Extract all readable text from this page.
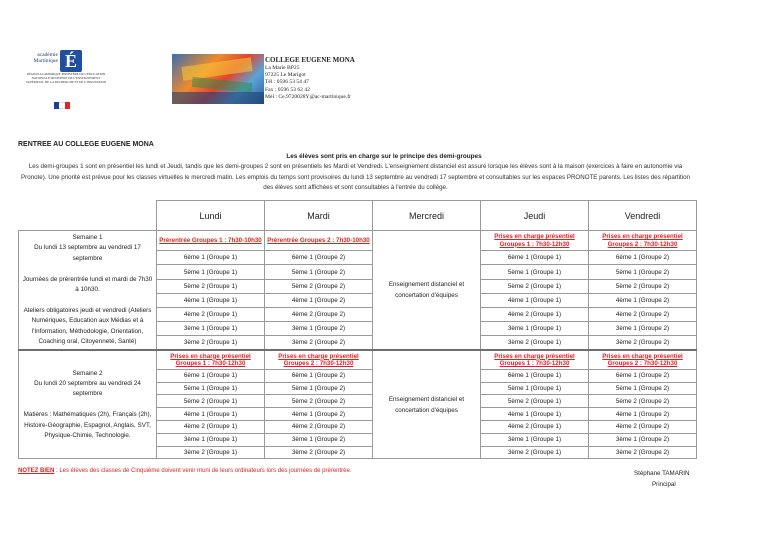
académie Martinique É
RÉGION ACADÉMIQUE MINISTÈRE DE L'ÉDUCATION NATIONALE MINISTÈRE DE L'ENSEIGNEMENT SUPÉRIEUR, DE LA RECHERCHE ET DE L'INNOVATION
COLLEGE EUGENE MONA
La Marie BP25
97225 Le Marigot
Tél : 0596 53 54 47
Fax : 0596 53 62 42
Mél : Ce.9720028Y@ac-martinique.fr
RENTREE AU COLLEGE EUGENE MONA
Les élèves sont pris en charge sur le principe des demi-groupes
Les demi-groupes 1 sont en présentiel les lundi et Jeudi, tandis que les demi-groupes 2 sont en présentiels les Mardi et Vendredi. L'enseignement distanciel est assuré lorsque les élèves sont à la maison (exercices à faire en autonomie via Pronote). Une priorité est prévue pour les classes virtuelles le mercredi matin. Les emplois du temps sont provisoires du lundi 13 septembre au vendredi 17 septembre et consultables sur les espaces PRONOTE parents. Les listes des répartition des élèves sont affichées et sont consultables à l'entrée du collège.
	Lundi	Mardi	Mercredi	Jeudi	Vendredi
Semaine 1
Du lundi 13 septembre au vendredi 17 septembre

Journées de prérentrée lundi et mardi de 7h30 à 10h30.

Ateliers obligatoires jeudi et vendredi (Ateliers Numériques, Education aux Médias et à l'Information, Méthodologie, Orientation, Coaching oral, Citoyenneté, Santé)	Prérentrée Groupes 1 : 7h30-10h30	Prérentrée Groupes 2 : 7h30-10h30	Enseignement distanciel et concertation d'équipes	Prises en charge présentiel Groupes 1 : 7h30-12h30	Prises en charge présentiel Groupes 2 : 7h30-12h30
	6ème 1 (Groupe 1)	6ème 1 (Groupe 2)		6ème 1 (Groupe 1)	6ème 1 (Groupe 2)
	5ème 1 (Groupe 1)	5ème 1 (Groupe 2)		5ème 1 (Groupe 1)	5ème 1 (Groupe 2)
	5ème 2 (Groupe 1)	5ème 2 (Groupe 2)		5ème 2 (Groupe 1)	5ème 2 (Groupe 2)
	4ème 1 (Groupe 1)	4ème 1 (Groupe 2)		4ème 1 (Groupe 1)	4ème 1 (Groupe 2)
	4ème 2 (Groupe 1)	4ème 2 (Groupe 2)		4ème 2 (Groupe 1)	4ème 2 (Groupe 2)
	3ème 1 (Groupe 1)	3ème 1 (Groupe 2)		3ème 1 (Groupe 1)	3ème 1 (Groupe 2)
	3ème 2 (Groupe 1)	3ème 2 (Groupe 2)		3ème 2 (Groupe 1)	3ème 2 (Groupe 2)
Semaine 2
Du lundi 20 septembre au vendredi 24 septembre

Matières : Mathématiques (2h), Français (2h), Histoire-Géographie, Espagnol, Anglais, SVT, Physique-Chimie, Technologie.	Prises en charge présentiel Groupes 1 : 7h30-12h30	Prises en charge présentiel Groupes 2 : 7h30-12h30	Enseignement distanciel et concertation d'équipes	Prises en charge présentiel Groupes 1 : 7h30-12h30	Prises en charge présentiel Groupes 2 : 7h30-12h30
	6ème 1 (Groupe 1)	6ème 1 (Groupe 2)		6ème 1 (Groupe 1)	6ème 1 (Groupe 2)
	5ème 1 (Groupe 1)	5ème 1 (Groupe 2)		5ème 1 (Groupe 1)	5ème 1 (Groupe 2)
	5ème 2 (Groupe 1)	5ème 2 (Groupe 2)		5ème 2 (Groupe 1)	5ème 2 (Groupe 2)
	4ème 1 (Groupe 1)	4ème 1 (Groupe 2)		4ème 1 (Groupe 1)	4ème 1 (Groupe 2)
	4ème 2 (Groupe 1)	4ème 2 (Groupe 2)		4ème 2 (Groupe 1)	4ème 2 (Groupe 2)
	3ème 1 (Groupe 1)	3ème 1 (Groupe 2)		3ème 1 (Groupe 1)	3ème 1 (Groupe 2)
	3ème 2 (Groupe 1)	3ème 2 (Groupe 2)		3ème 2 (Groupe 1)	3ème 2 (Groupe 2)
NOTEZ BIEN : Les élèves des classes de Cinquième doivent venir muni de leurs ordinateurs lors des journées de prérentrée.	Stéphane TAMARIN
Principal
